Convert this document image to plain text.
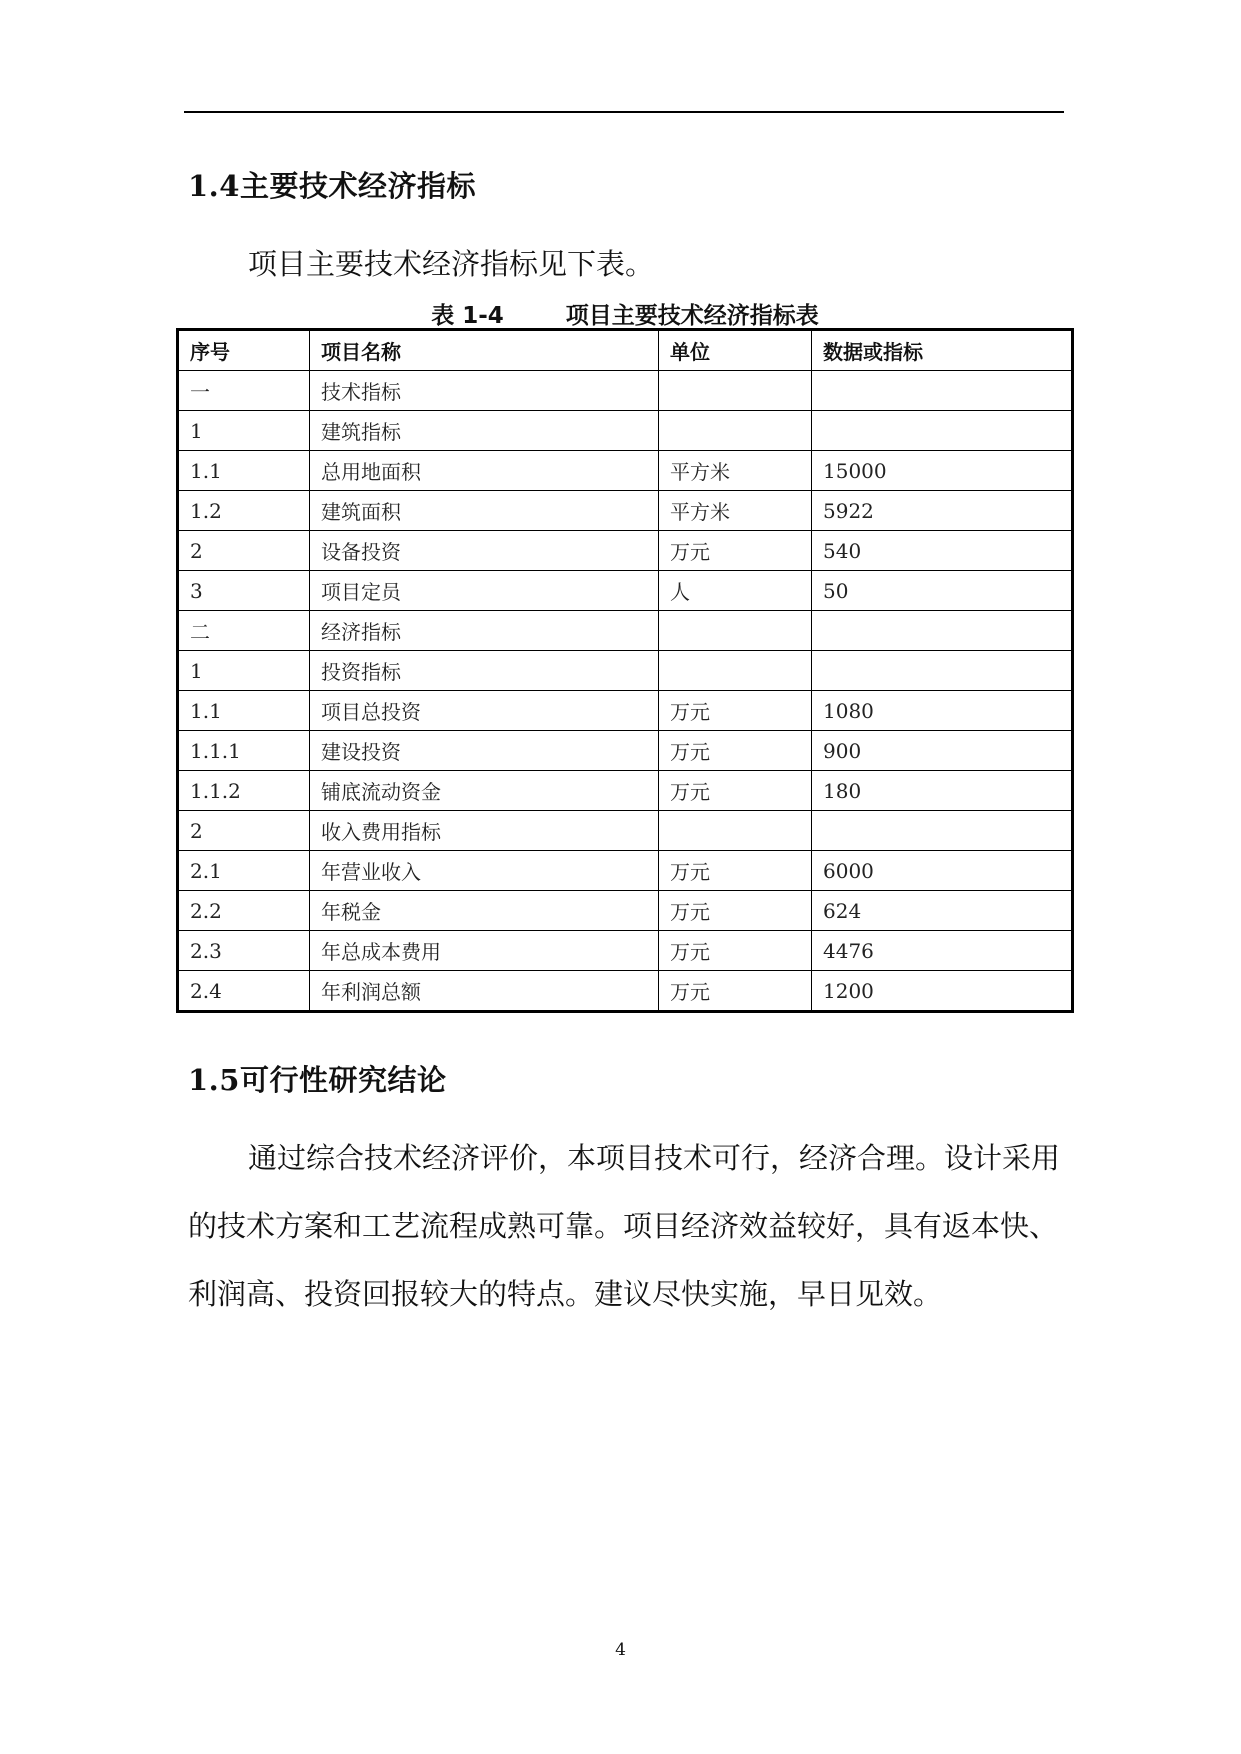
1.4主要技术经济指标
项目主要技术经济指标见下表。
表 1-4	项目主要技术经济指标表
序号	项目名称	单位	数据或指标
一	技术指标		
1	建筑指标		
1.1	总用地面积	平方米	15000
1.2	建筑面积	平方米	5922
2	设备投资	万元	540
3	项目定员	人	50
二	经济指标		
1	投资指标		
1.1	项目总投资	万元	1080
1.1.1	建设投资	万元	900
1.1.2	铺底流动资金	万元	180
2	收入费用指标		
2.1	年营业收入	万元	6000
2.2	年税金	万元	624
2.3	年总成本费用	万元	4476
2.4	年利润总额	万元	1200
1.5可行性研究结论
通过综合技术经济评价，本项目技术可行，经济合理。设计采用
的技术方案和工艺流程成熟可靠。项目经济效益较好，具有返本快、
利润高、投资回报较大的特点。建议尽快实施，早日见效。
4
